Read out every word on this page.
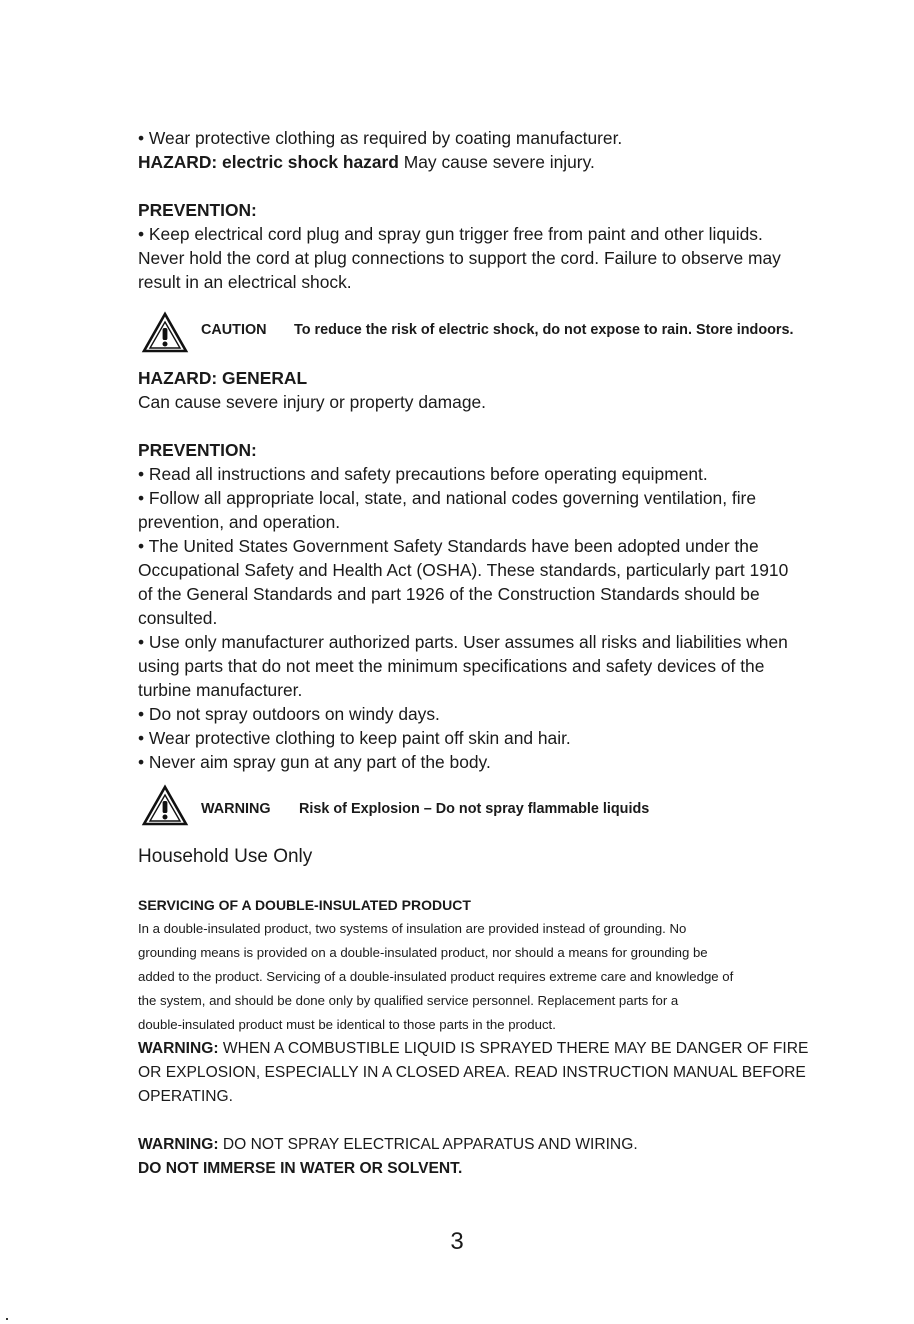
• Wear protective clothing as required by coating manufacturer.

HAZARD: electric shock hazard May cause severe injury.

PREVENTION:

• Keep electrical cord plug and spray gun trigger free from paint and other liquids.

Never hold the cord at plug connections to support the cord. Failure to observe may

result in an electrical shock.

CAUTION To reduce the risk of electric shock, do not expose to rain. Store indoors.

HAZARD: GENERAL

Can cause severe injury or property damage.

PREVENTION:

• Read all instructions and safety precautions before operating equipment.

• Follow all appropriate local, state, and national codes governing ventilation, fire

prevention, and operation.

• The United States Government Safety Standards have been adopted under the

Occupational Safety and Health Act (OSHA). These standards, particularly part 1910

of the General Standards and part 1926 of the Construction Standards should be

consulted.

• Use only manufacturer authorized parts. User assumes all risks and liabilities when

using parts that do not meet the minimum specifications and safety devices of the

turbine manufacturer.

• Do not spray outdoors on windy days.

• Wear protective clothing to keep paint off skin and hair.

• Never aim spray gun at any part of the body.

WARNING Risk of Explosion – Do not spray flammable liquids

Household Use Only

SERVICING OF A DOUBLE-INSULATED PRODUCT

In a double-insulated product, two systems of insulation are provided instead of grounding. No

grounding means is provided on a double-insulated product, nor should a means for grounding be

added to the product. Servicing of a double-insulated product requires extreme care and knowledge of

the system, and should be done only by qualified service personnel. Replacement parts for a

double-insulated product must be identical to those parts in the product.

WARNING: WHEN A COMBUSTIBLE LIQUID IS SPRAYED THERE MAY BE DANGER OF FIRE

OR EXPLOSION, ESPECIALLY IN A CLOSED AREA. READ INSTRUCTION MANUAL BEFORE

OPERATING.

WARNING: DO NOT SPRAY ELECTRICAL APPARATUS AND WIRING.

DO NOT IMMERSE IN WATER OR SOLVENT.

3
